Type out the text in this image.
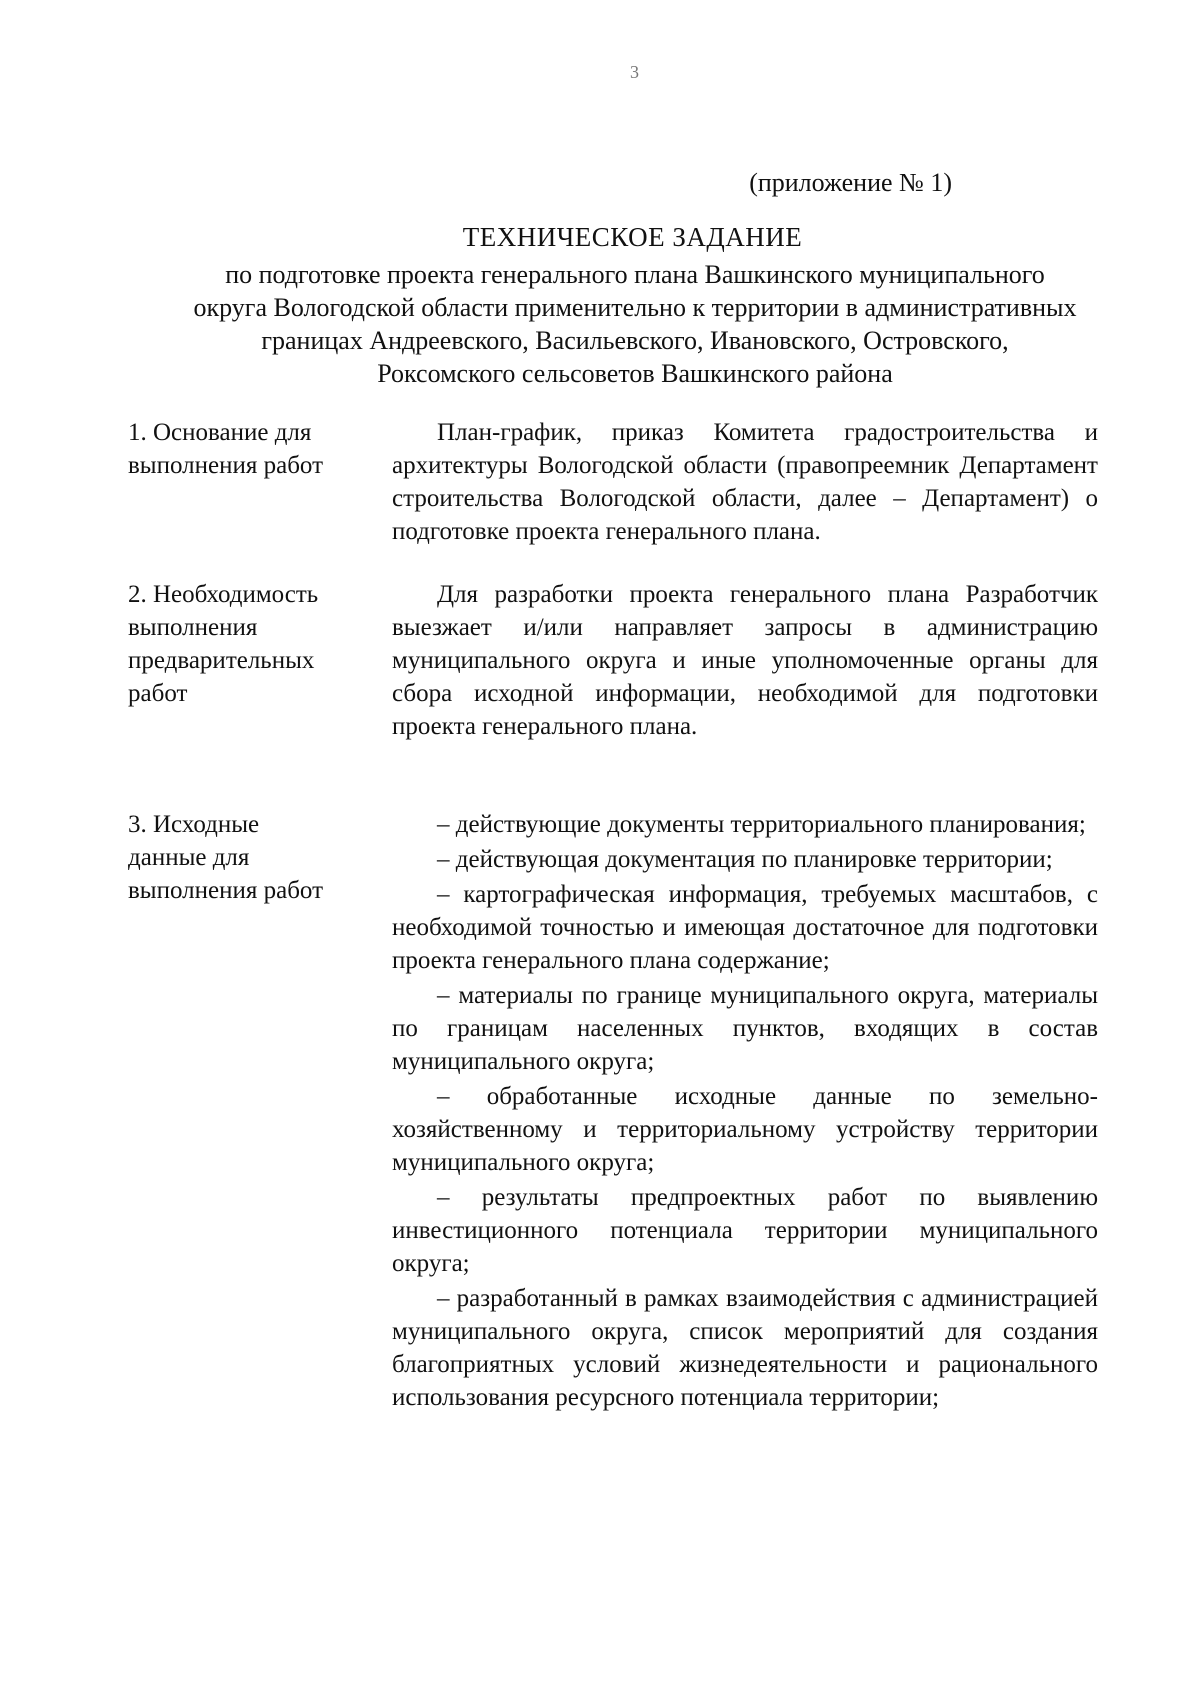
3
(приложение № 1)
ТЕХНИЧЕСКОЕ ЗАДАНИЕ
по подготовке проекта генерального плана Вашкинского муниципального
округа Вологодской области применительно к территории в административных
границах Андреевского, Васильевского, Ивановского, Островского,
Роксомского сельсоветов Вашкинского района
1. Основание для
выполнения работ

План-график, приказ Комитета градостроительства и архитектуры Вологодской области (правопреемник Департамент строительства Вологодской области, далее – Департамент) о подготовке проекта генерального плана.

2. Необходимость
выполнения
предварительных
работ

Для разработки проекта генерального плана Разработчик выезжает и/или направляет запросы в администрацию муниципального округа и иные уполномоченные органы для сбора исходной информации, необходимой для подготовки проекта генерального плана.

3. Исходные
данные для
выполнения работ
– действующие документы территориального планирования;
– действующая документация по планировке территории;
– картографическая информация, требуемых масштабов, с необходимой точностью и имеющая достаточное для подготовки проекта генерального плана содержание;
– материалы по границе муниципального округа, материалы по границам населенных пунктов, входящих в состав муниципального округа;
– обработанные исходные данные по земельно-хозяйственному и территориальному устройству территории муниципального округа;
– результаты предпроектных работ по выявлению инвестиционного потенциала территории муниципального округа;
– разработанный в рамках взаимодействия с администрацией муниципального округа, список мероприятий для создания благоприятных условий жизнедеятельности и рационального использования ресурсного потенциала территории;
